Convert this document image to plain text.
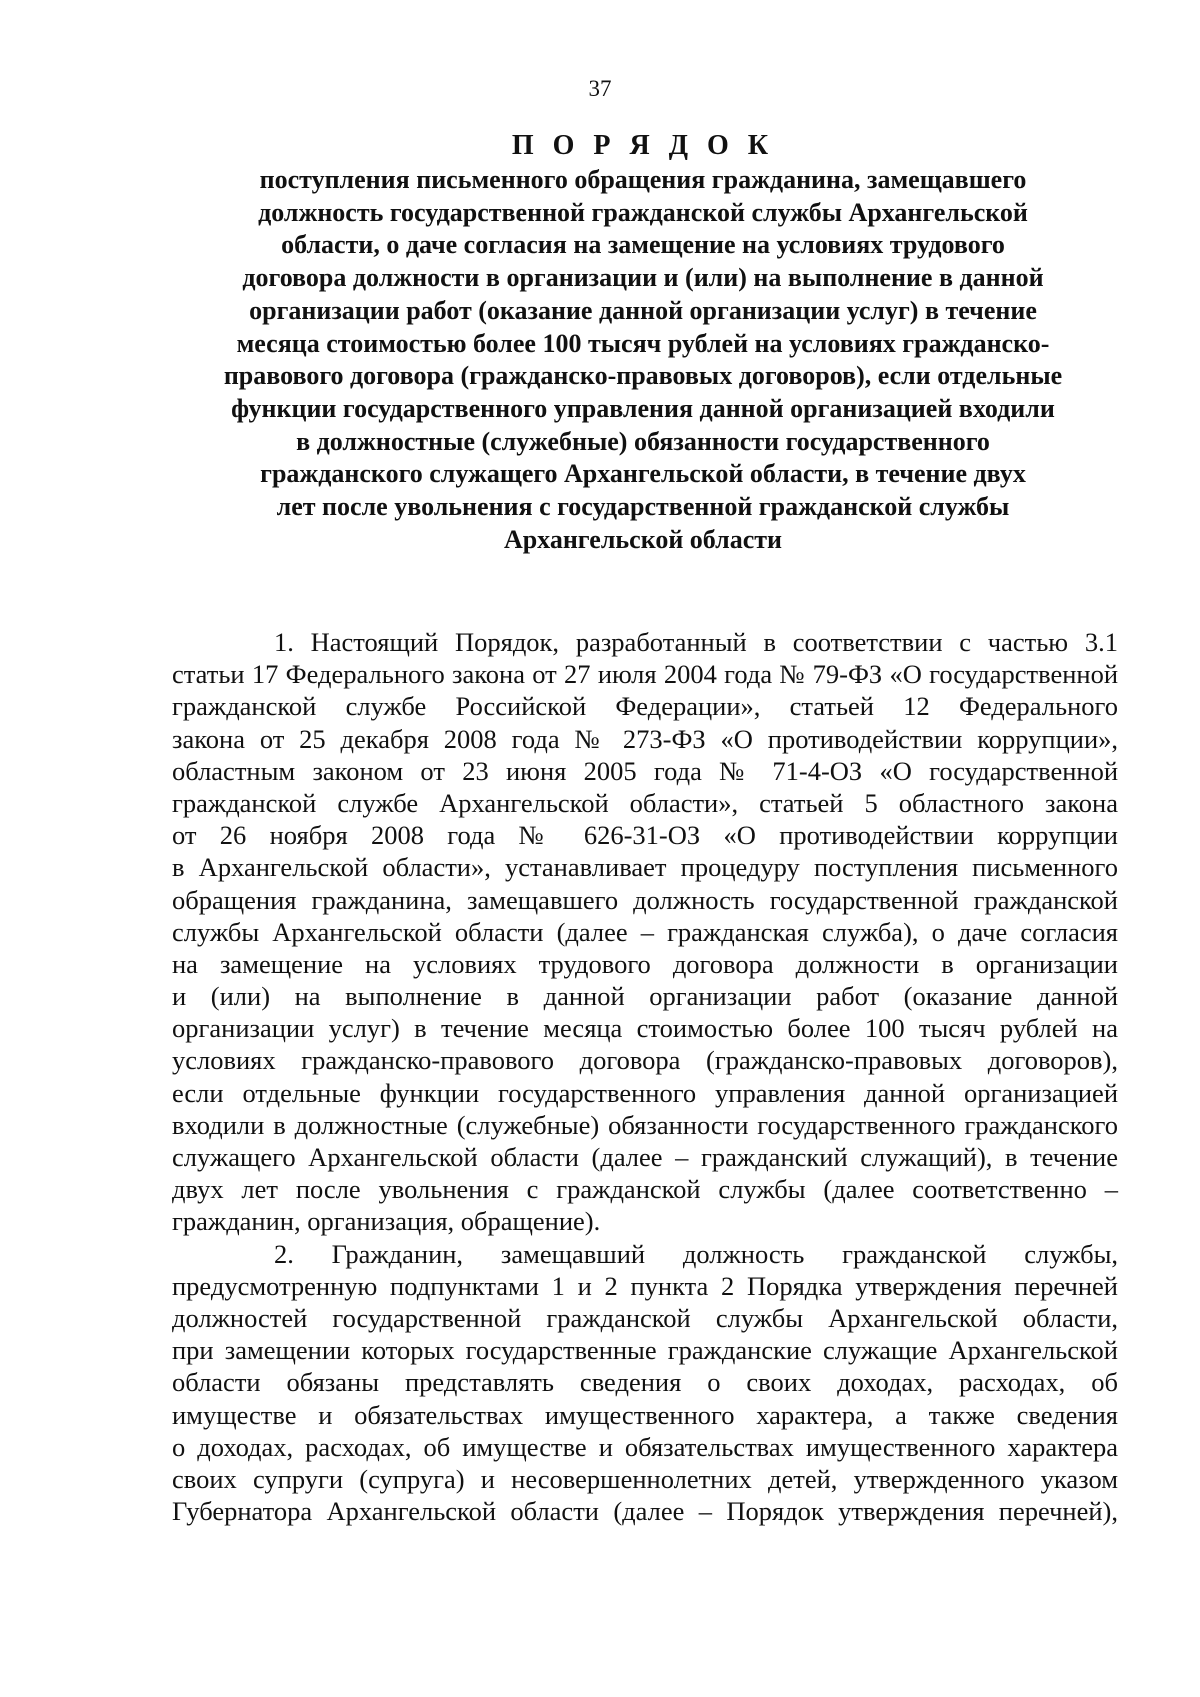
37
П О Р Я Д О К
поступления письменного обращения гражданина, замещавшего
должность государственной гражданской службы Архангельской
области, о даче согласия на замещение на условиях трудового
договора должности в организации и (или) на выполнение в данной
организации работ (оказание данной организации услуг) в течение
месяца стоимостью более 100 тысяч рублей на условиях гражданско-
правового договора (гражданско-правовых договоров), если отдельные
функции государственного управления данной организацией входили
в должностные (служебные) обязанности государственного
гражданского служащего Архангельской области, в течение двух
лет после увольнения с государственной гражданской службы
Архангельской области
1. Настоящий Порядок, разработанный в соответствии с частью 3.1
статьи 17 Федерального закона от 27 июля 2004 года № 79-ФЗ «О государственной
гражданской службе Российской Федерации», статьей 12 Федерального
закона от 25 декабря 2008 года № 273-ФЗ «О противодействии коррупции»,
областным законом от 23 июня 2005 года № 71-4-ОЗ «О государственной
гражданской службе Архангельской области», статьей 5 областного закона
от 26 ноября 2008 года № 626-31-ОЗ «О противодействии коррупции
в Архангельской области», устанавливает процедуру поступления письменного
обращения гражданина, замещавшего должность государственной гражданской
службы Архангельской области (далее – гражданская служба), о даче согласия
на замещение на условиях трудового договора должности в организации
и (или) на выполнение в данной организации работ (оказание данной
организации услуг) в течение месяца стоимостью более 100 тысяч рублей на
условиях гражданско-правового договора (гражданско-правовых договоров),
если отдельные функции государственного управления данной организацией
входили в должностные (служебные) обязанности государственного гражданского
служащего Архангельской области (далее – гражданский служащий), в течение
двух лет после увольнения с гражданской службы (далее соответственно –
гражданин, организация, обращение).
2. Гражданин, замещавший должность гражданской службы,
предусмотренную подпунктами 1 и 2 пункта 2 Порядка утверждения перечней
должностей государственной гражданской службы Архангельской области,
при замещении которых государственные гражданские служащие Архангельской
области обязаны представлять сведения о своих доходах, расходах, об
имуществе и обязательствах имущественного характера, а также сведения
о доходах, расходах, об имуществе и обязательствах имущественного характера
своих супруги (супруга) и несовершеннолетних детей, утвержденного указом
Губернатора Архангельской области (далее – Порядок утверждения перечней),
